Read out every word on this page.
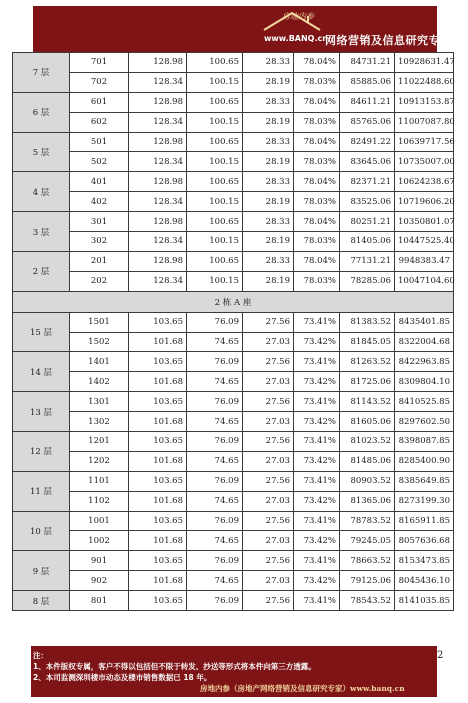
房地内参
www.BANQ.cn
网络营销及信息研究专家
7 层	701	128.98	100.65	28.33	78.04%	84731.21	10928631.47
	702	128.34	100.15	28.19	78.03%	85885.06	11022488.60
6 层	601	128.98	100.65	28.33	78.04%	84611.21	10913153.87
	602	128.34	100.15	28.19	78.03%	85765.06	11007087.80
5 层	501	128.98	100.65	28.33	78.04%	82491.22	10639717.56
	502	128.34	100.15	28.19	78.03%	83645.06	10735007.00
4 层	401	128.98	100.65	28.33	78.04%	82371.21	10624238.67
	402	128.34	100.15	28.19	78.03%	83525.06	10719606.20
3 层	301	128.98	100.65	28.33	78.04%	80251.21	10350801.07
	302	128.34	100.15	28.19	78.03%	81405.06	10447525.40
2 层	201	128.98	100.65	28.33	78.04%	77131.21	9948383.47
	202	128.34	100.15	28.19	78.03%	78285.06	10047104.60
2 栋 A 座							
15 层	1501	103.65	76.09	27.56	73.41%	81383.52	8435401.85
	1502	101.68	74.65	27.03	73.42%	81845.05	8322004.68
14 层	1401	103.65	76.09	27.56	73.41%	81263.52	8422963.85
	1402	101.68	74.65	27.03	73.42%	81725.06	8309804.10
13 层	1301	103.65	76.09	27.56	73.41%	81143.52	8410525.85
	1302	101.68	74.65	27.03	73.42%	81605.06	8297602.50
12 层	1201	103.65	76.09	27.56	73.41%	81023.52	8398087.85
	1202	101.68	74.65	27.03	73.42%	81485.06	8285400.90
11 层	1101	103.65	76.09	27.56	73.41%	80903.52	8385649.85
	1102	101.68	74.65	27.03	73.42%	81365.06	8273199.30
10 层	1001	103.65	76.09	27.56	73.41%	78783.52	8165911.85
	1002	101.68	74.65	27.03	73.42%	79245.05	8057636.68
9 层	901	103.65	76.09	27.56	73.41%	78663.52	8153473.85
	902	101.68	74.65	27.03	73.42%	79125.06	8045436.10
8 层	801	103.65	76.09	27.56	73.41%	78543.52	8141035.85
注：
1、本件版权专属，客户不得以包括但不限于转发、抄送等形式将本件向第三方透露。
2、本司监测深圳楼市动态及楼市销售数据已 18 年。
房地内参（房地产网络营销及信息研究专家）www.banq.cn
2
